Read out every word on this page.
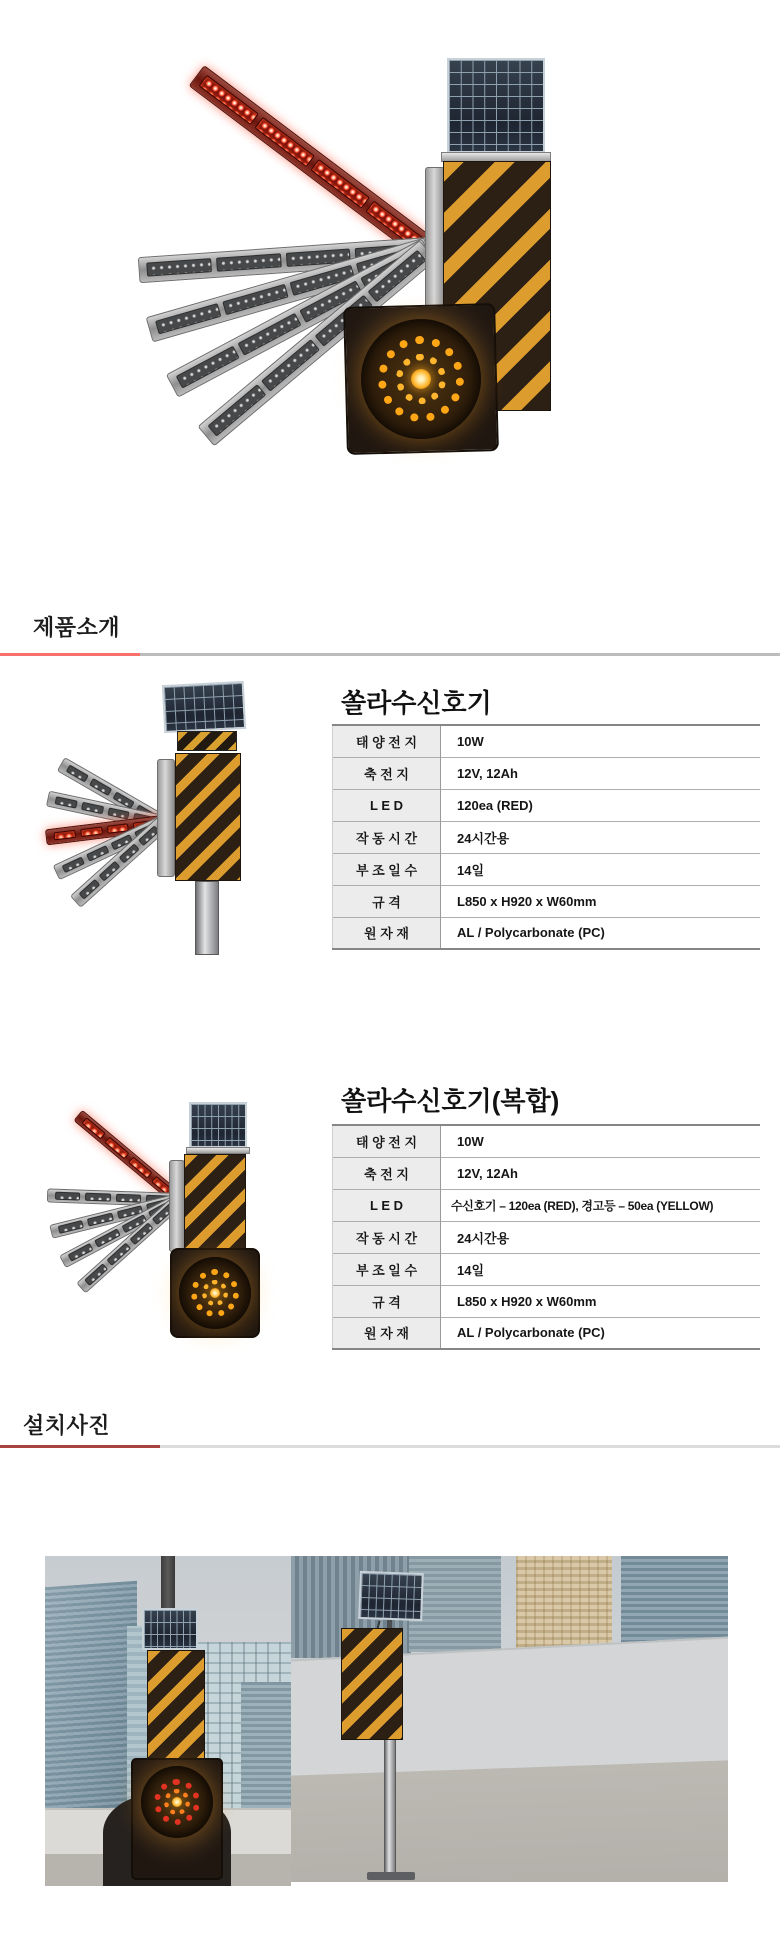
제품소개
쏠라수신호기
태 양 전 지	10W
축 전 지	12V, 12Ah
L E D	120ea (RED)
작 동 시 간	24시간용
부 조 일 수	14일
규 격	L850 x H920 x W60mm
원 자 재	AL / Polycarbonate (PC)
쏠라수신호기(복합)
태 양 전 지	10W
축 전 지	12V, 12Ah
L E D	수신호기 – 120ea (RED), 경고등 – 50ea (YELLOW)
작 동 시 간	24시간용
부 조 일 수	14일
규 격	L850 x H920 x W60mm
원 자 재	AL / Polycarbonate (PC)
설치사진
